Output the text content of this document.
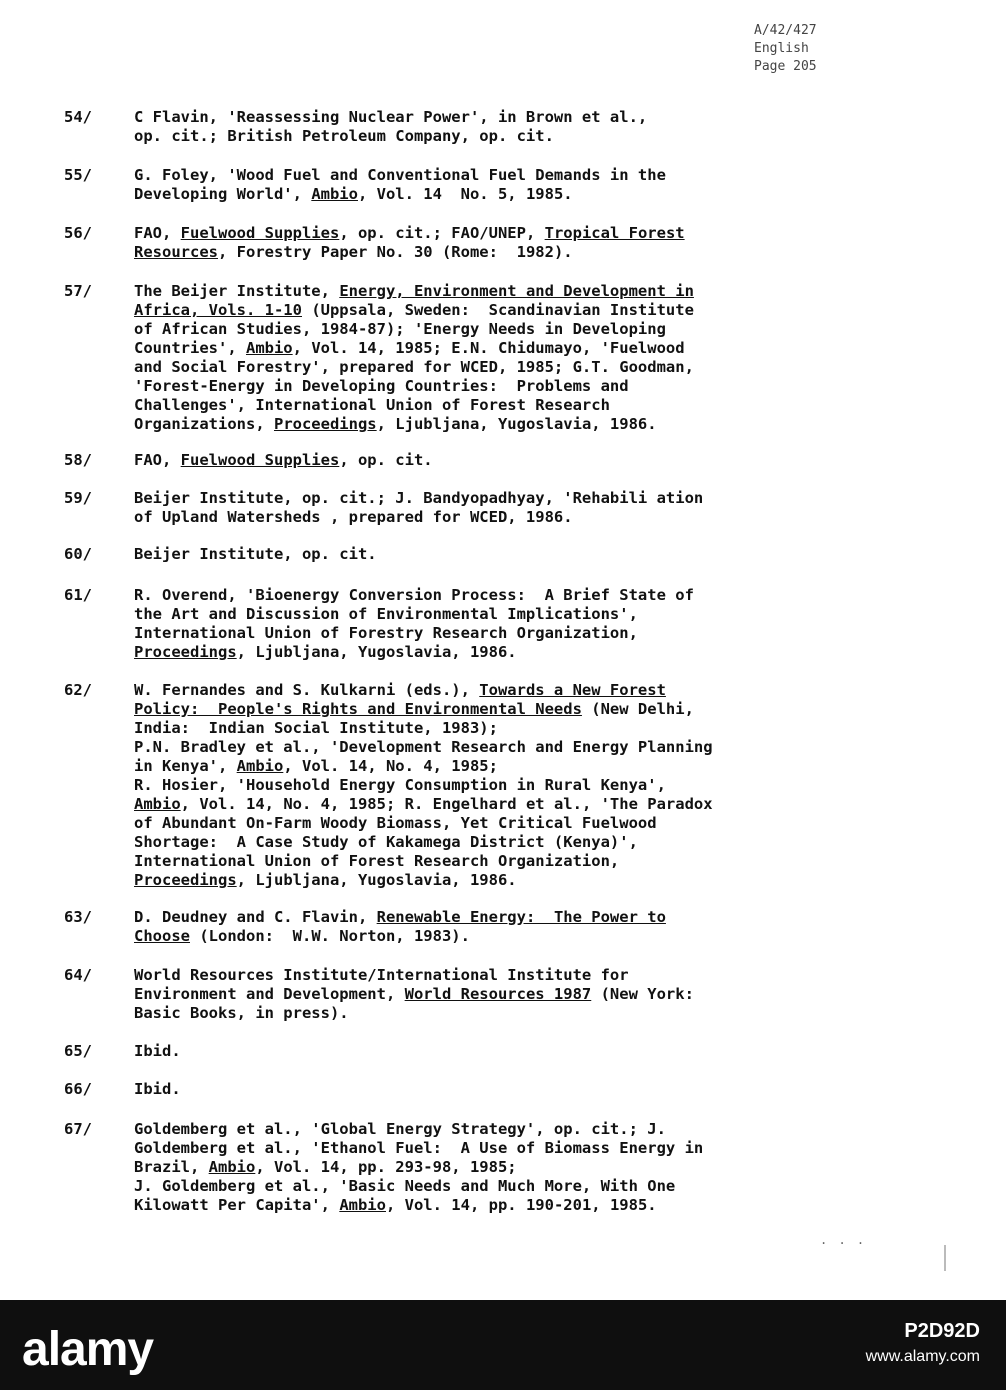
A/42/427
English
Page 205
54/	C Flavin, 'Reassessing Nuclear Power', in Brown et al.,
op. cit.; British Petroleum Company, op. cit.
55/	G. Foley, 'Wood Fuel and Conventional Fuel Demands in the
Developing World', Ambio, Vol. 14  No. 5, 1985.
56/	FAO, Fuelwood Supplies, op. cit.; FAO/UNEP, Tropical Forest
Resources, Forestry Paper No. 30 (Rome:  1982).
57/	The Beijer Institute, Energy, Environment and Development in
Africa, Vols. 1-10 (Uppsala, Sweden:  Scandinavian Institute
of African Studies, 1984-87); 'Energy Needs in Developing
Countries', Ambio, Vol. 14, 1985; E.N. Chidumayo, 'Fuelwood
and Social Forestry', prepared for WCED, 1985; G.T. Goodman,
'Forest-Energy in Developing Countries:  Problems and
Challenges', International Union of Forest Research
Organizations, Proceedings, Ljubljana, Yugoslavia, 1986.
58/	FAO, Fuelwood Supplies, op. cit.
59/	Beijer Institute, op. cit.; J. Bandyopadhyay, 'Rehabili ation
of Upland Watersheds , prepared for WCED, 1986.
60/	Beijer Institute, op. cit.
61/	R. Overend, 'Bioenergy Conversion Process:  A Brief State of
the Art and Discussion of Environmental Implications',
International Union of Forestry Research Organization,
Proceedings, Ljubljana, Yugoslavia, 1986.
62/	W. Fernandes and S. Kulkarni (eds.), Towards a New Forest
Policy:  People's Rights and Environmental Needs (New Delhi,
India:  Indian Social Institute, 1983);
P.N. Bradley et al., 'Development Research and Energy Planning
in Kenya', Ambio, Vol. 14, No. 4, 1985;
R. Hosier, 'Household Energy Consumption in Rural Kenya',
Ambio, Vol. 14, No. 4, 1985; R. Engelhard et al., 'The Paradox
of Abundant On-Farm Woody Biomass, Yet Critical Fuelwood
Shortage:  A Case Study of Kakamega District (Kenya)',
International Union of Forest Research Organization,
Proceedings, Ljubljana, Yugoslavia, 1986.
63/	D. Deudney and C. Flavin, Renewable Energy:  The Power to
Choose (London:  W.W. Norton, 1983).
64/	World Resources Institute/International Institute for
Environment and Development, World Resources 1987 (New York:
Basic Books, in press).
65/	Ibid.
66/	Ibid.
67/	Goldemberg et al., 'Global Energy Strategy', op. cit.; J.
Goldemberg et al., 'Ethanol Fuel:  A Use of Biomass Energy in
Brazil, Ambio, Vol. 14, pp. 293-98, 1985;
J. Goldemberg et al., 'Basic Needs and Much More, With One
Kilowatt Per Capita', Ambio, Vol. 14, pp. 190-201, 1985.
. . .
alamy	P2D92D
www.alamy.com
